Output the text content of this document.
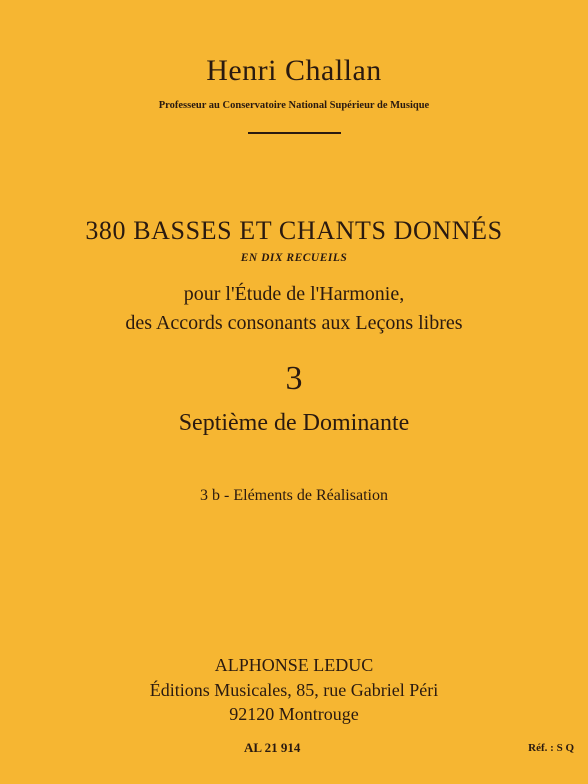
Henri Challan
Professeur au Conservatoire National Supérieur de Musique
380 BASSES ET CHANTS DONNÉS
EN DIX RECUEILS
pour l'Étude de l'Harmonie,
des Accords consonants aux Leçons libres
3
Septième de Dominante
3 b - Eléments de Réalisation
ALPHONSE LEDUC
Éditions Musicales, 85, rue Gabriel Péri
92120 Montrouge
AL 21 914	Réf. : S Q
